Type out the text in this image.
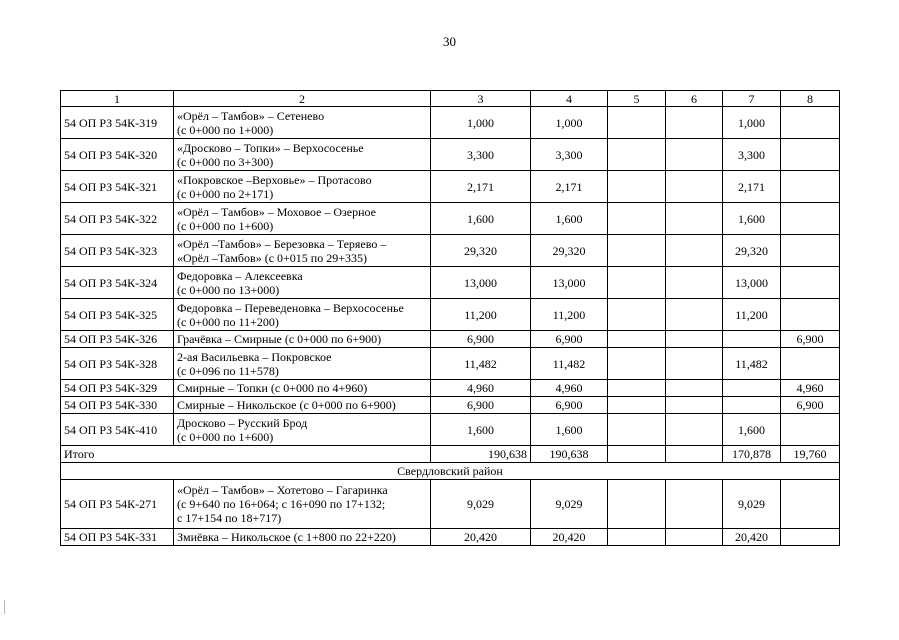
30
1	2	3	4	5	6	7	8
54 ОП РЗ 54К-319	«Орёл – Тамбов» – Сетенево
(с 0+000 по 1+000)	1,000	1,000			1,000	
54 ОП РЗ 54К-320	«Дросково – Топки» – Верхососенье
(с 0+000 по 3+300)	3,300	3,300			3,300	
54 ОП РЗ 54К-321	«Покровское –Верховье» – Протасово
(с 0+000 по 2+171)	2,171	2,171			2,171	
54 ОП РЗ 54К-322	«Орёл – Тамбов» – Моховое – Озерное
(с 0+000 по 1+600)	1,600	1,600			1,600	
54 ОП РЗ 54К-323	«Орёл –Тамбов» – Березовка – Теряево –
«Орёл –Тамбов» (с 0+015 по 29+335)	29,320	29,320			29,320	
54 ОП РЗ 54К-324	Федоровка – Алексеевка
(с 0+000 по 13+000)	13,000	13,000			13,000	
54 ОП РЗ 54К-325	Федоровка – Переведеновка – Верхососенье
(с 0+000 по 11+200)	11,200	11,200			11,200	
54 ОП РЗ 54К-326	Грачёвка – Смирные (с 0+000 по 6+900)	6,900	6,900				6,900
54 ОП РЗ 54К-328	2-ая Васильевка – Покровское
(с 0+096 по 11+578)	11,482	11,482			11,482	
54 ОП РЗ 54К-329	Смирные – Топки (с 0+000 по 4+960)	4,960	4,960				4,960
54 ОП РЗ 54К-330	Смирные – Никольское (с 0+000 по 6+900)	6,900	6,900				6,900
54 ОП РЗ 54К-410	Дросково – Русский Брод
(с 0+000 по 1+600)	1,600	1,600			1,600	
Итого		190,638	190,638			170,878	19,760
Свердловский район							
54 ОП РЗ 54К-271	«Орёл – Тамбов» – Хотетово – Гагаринка
(с 9+640 по 16+064; с 16+090 по 17+132;
с 17+154 по 18+717)	9,029	9,029			9,029	
54 ОП РЗ 54К-331	Змиёвка – Никольское (с 1+800 по 22+220)	20,420	20,420			20,420	
